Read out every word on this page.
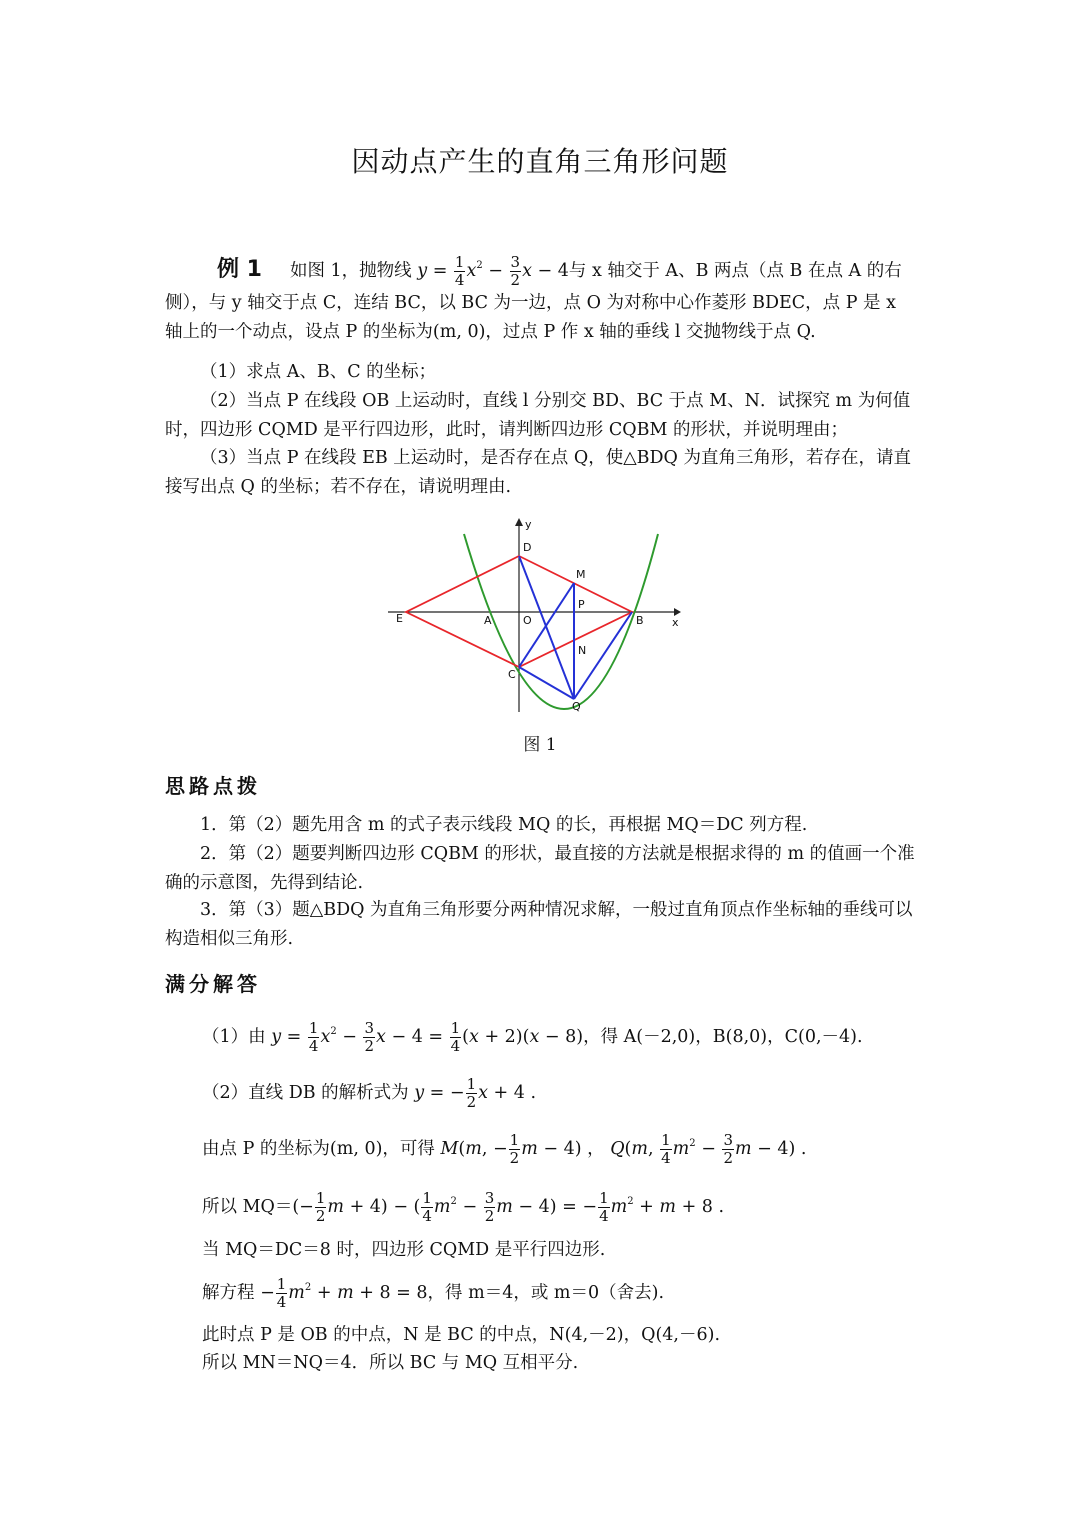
因动点产生的直角三角形问题
例 1 如图 1，抛物线 $y = \frac{1}{4} x^2 - \frac{3}{2}$ x − 4与 x 轴交于 A、B 两点（点 B 在点 A 的右侧），与 y 轴交于点 C，连结 BC，以 BC 为一边，点 O 为对称中心作菱形 BDEC，点 P 是 x 轴上的一个动点，设点 P 的坐标为(m, 0)，过点 P 作 x 轴的垂线 l 交抛物线于点 Q.
（1）求点 A、B、C 的坐标；
（2）当点 P 在线段 OB 上运动时，直线 l 分别交 BD、BC 于点 M、N．试探究 m 为何值时，四边形 CQMD 是平行四边形，此时，请判断四边形 CQBM 的形状，并说明理由；
（3）当点 P 在线段 EB 上运动时，是否存在点 Q，使△BDQ 为直角三角形，若存在，请直接写出点 Q 的坐标；若不存在，请说明理由.
y
x
D
M
P
E	A	O	B
N
C
Q
图 1
思路点拨
1．第（2）题先用含 m 的式子表示线段 MQ 的长，再根据 MQ＝DC 列方程.
2．第（2）题要判断四边形 CQBM 的形状，最直接的方法就是根据求得的 m 的值画一个准确的示意图，先得到结论.
3．第（3）题△BDQ 为直角三角形要分两种情况求解，一般过直角顶点作坐标轴的垂线可以构造相似三角形.
满分解答
（1）由 $y = \frac{1}{4} x^2 - \frac{3}{2}$ $x - 4 = \frac{1}{4} (x + 2)(x - 8)$，得 A(－2,0)，B(8,0)，C(0,－4).
（2）直线 DB 的解析式为 y = − $\frac{1}{2}$ x + 4 .
由点 P 的坐标为(m, 0)，可得 M(m, − $\frac{1}{2}$ m − 4) ， Q(m, $\frac{1}{4} m^2 - \frac{3}{2}$ m − 4) .
所以 $MQ=(- \frac{1}{2}$ m + 4) − ( $\frac{1}{4} m^2 - \frac{3}{2}$ m − 4) = − $\frac{1}{4} m^2 + m + 8$ .
当 MQ＝DC＝8 时，四边形 CQMD 是平行四边形.
解方程 − $\frac{1}{4} m^2 + m + 8 = 8$，得 m＝4，或 m＝0（舍去).
此时点 P 是 OB 的中点，N 是 BC 的中点，N(4,－2)，Q(4,－6).
所以 MN＝NQ＝4．所以 BC 与 MQ 互相平分.
